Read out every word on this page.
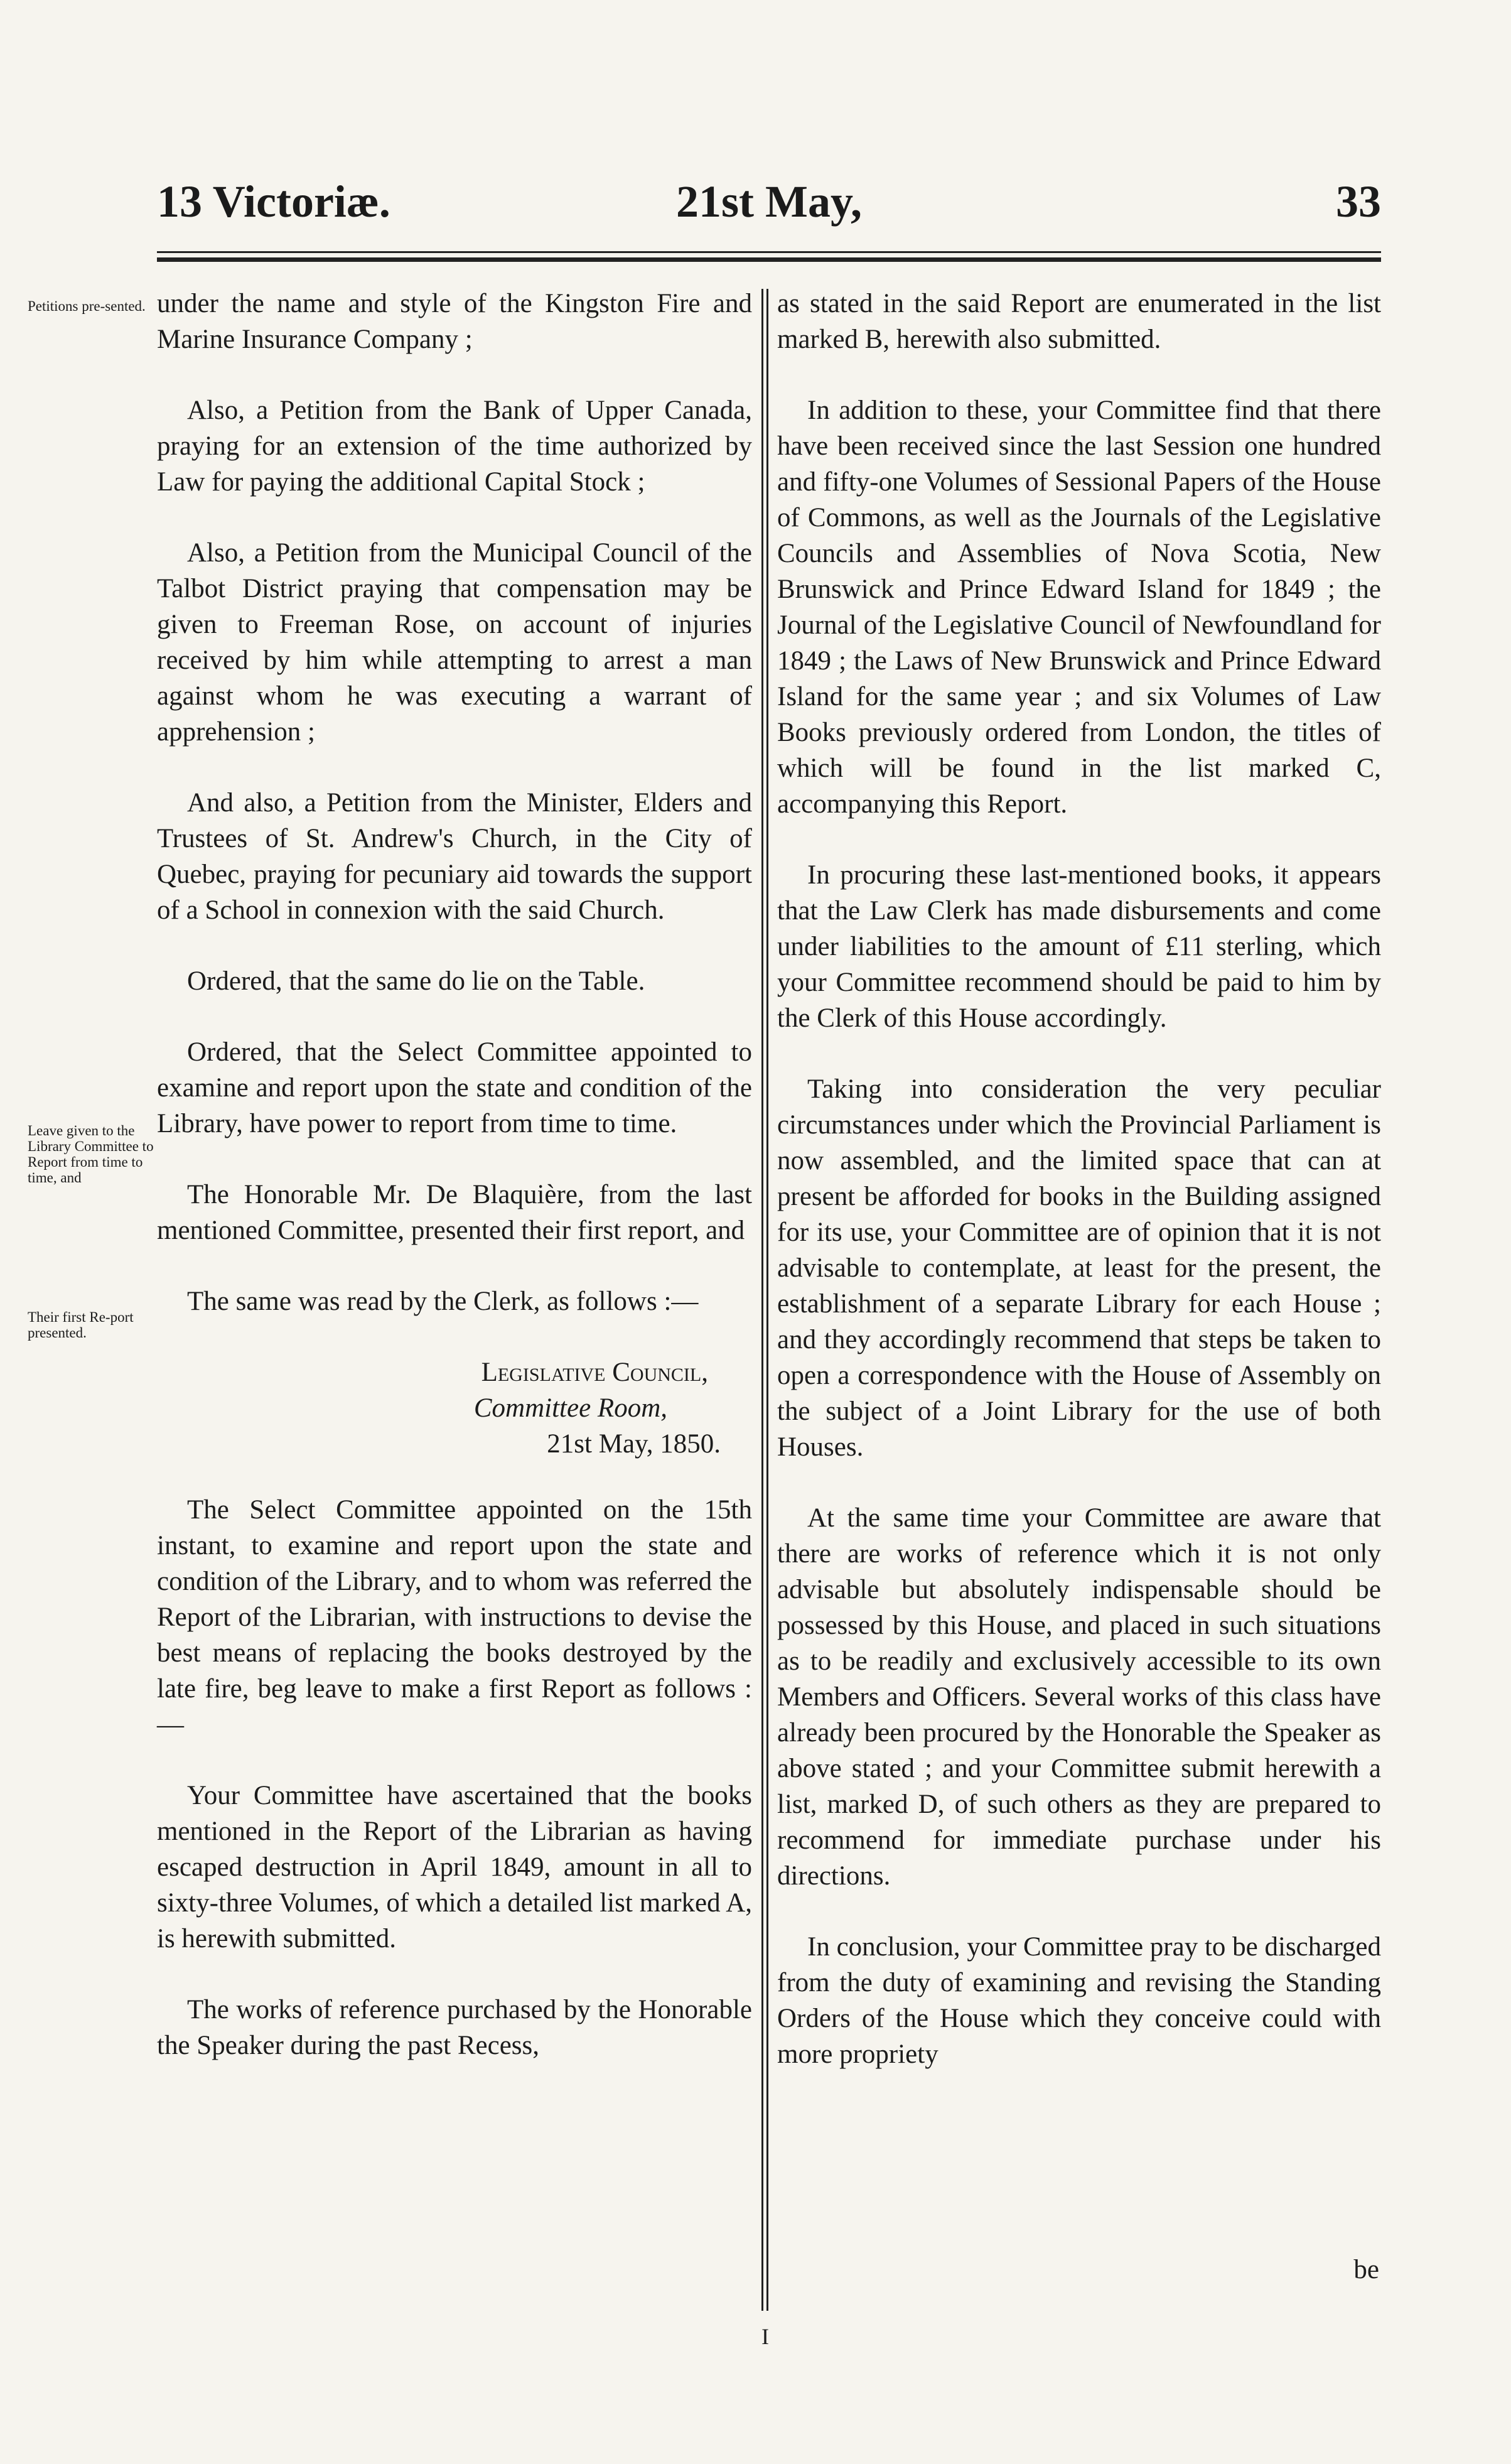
13 Victoriæ.	21st May,	33
Petitions pre-sented.
Leave given to the Library Committee to Report from time to time, and
Their first Re-port presented.

under the name and style of the Kingston Fire and Marine Insurance Company ;

Also, a Petition from the Bank of Upper Canada, praying for an extension of the time authorized by Law for paying the additional Capital Stock ;

Also, a Petition from the Municipal Council of the Talbot District praying that compensation may be given to Freeman Rose, on account of injuries received by him while attempting to arrest a man against whom he was executing a warrant of apprehension ;

And also, a Petition from the Minister, Elders and Trustees of St. Andrew's Church, in the City of Quebec, praying for pecuniary aid towards the support of a School in connexion with the said Church.

Ordered, that the same do lie on the Table.

Ordered, that the Select Committee appointed to examine and report upon the state and condition of the Library, have power to report from time to time.

The Honorable Mr. De Blaquière, from the last mentioned Committee, presented their first report, and

The same was read by the Clerk, as follows :—

Legislative Council,
Committee Room,
21st May, 1850.

The Select Committee appointed on the 15th instant, to examine and report upon the state and condition of the Library, and to whom was referred the Report of the Librarian, with instructions to devise the best means of replacing the books destroyed by the late fire, beg leave to make a first Report as follows :—

Your Committee have ascertained that the books mentioned in the Report of the Librarian as having escaped destruction in April 1849, amount in all to sixty-three Volumes, of which a detailed list marked A, is herewith submitted.

The works of reference purchased by the Honorable the Speaker during the past Recess,

as stated in the said Report are enumerated in the list marked B, herewith also submitted.

In addition to these, your Committee find that there have been received since the last Session one hundred and fifty-one Volumes of Sessional Papers of the House of Commons, as well as the Journals of the Legislative Councils and Assemblies of Nova Scotia, New Brunswick and Prince Edward Island for 1849 ; the Journal of the Legislative Council of Newfoundland for 1849 ; the Laws of New Brunswick and Prince Edward Island for the same year ; and six Volumes of Law Books previously ordered from London, the titles of which will be found in the list marked C, accompanying this Report.

In procuring these last-mentioned books, it appears that the Law Clerk has made disbursements and come under liabilities to the amount of £11 sterling, which your Committee recommend should be paid to him by the Clerk of this House accordingly.

Taking into consideration the very peculiar circumstances under which the Provincial Parliament is now assembled, and the limited space that can at present be afforded for books in the Building assigned for its use, your Committee are of opinion that it is not advisable to contemplate, at least for the present, the establishment of a separate Library for each House ; and they accordingly recommend that steps be taken to open a correspondence with the House of Assembly on the subject of a Joint Library for the use of both Houses.

At the same time your Committee are aware that there are works of reference which it is not only advisable but absolutely indispensable should be possessed by this House, and placed in such situations as to be readily and exclusively accessible to its own Members and Officers. Several works of this class have already been procured by the Honorable the Speaker as above stated ; and your Committee submit herewith a list, marked D, of such others as they are prepared to recommend for immediate purchase under his directions.

In conclusion, your Committee pray to be discharged from the duty of examining and revising the Standing Orders of the House which they conceive could with more propriety

be
I
